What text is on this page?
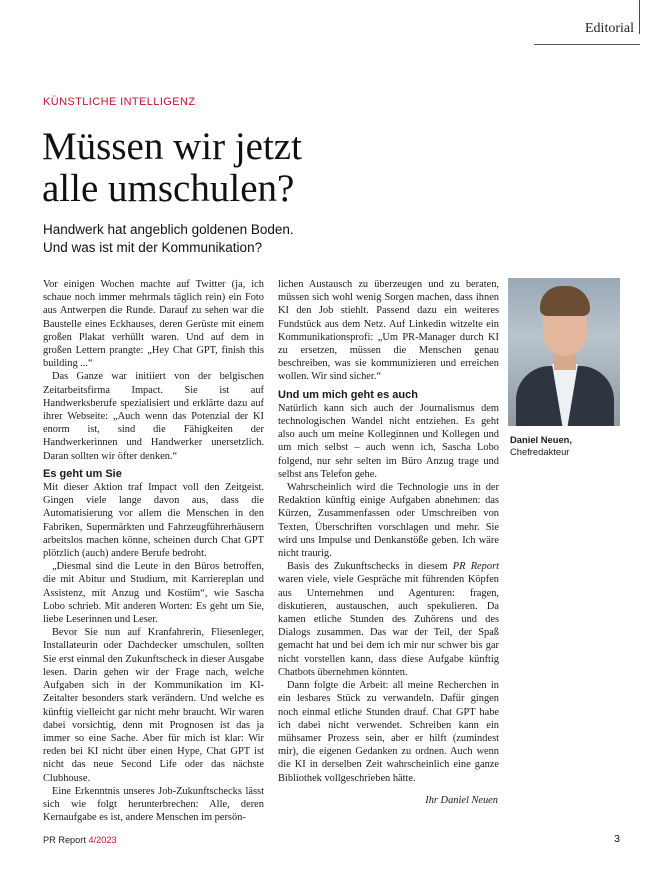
Editorial
KÜNSTLICHE INTELLIGENZ
Müssen wir jetzt
alle umschulen?
Handwerk hat angeblich goldenen Boden.
Und was ist mit der Kommunikation?

Vor einigen Wochen machte auf Twitter (ja, ich schaue noch immer mehrmals täglich rein) ein Foto aus Antwerpen die Runde. Darauf zu sehen war die Baustelle eines Eckhauses, deren Gerüste mit einem großen Plakat verhüllt waren. Und auf dem in großen Lettern prangte: „Hey Chat GPT, finish this building ...“

Das Ganze war initiiert von der belgischen Zeitarbeitsfirma Impact. Sie ist auf Handwerksberufe spezialisiert und erklärte dazu auf ihrer Webseite: „Auch wenn das Potenzial der KI enorm ist, sind die Fähigkeiten der Handwerkerinnen und Handwerker unersetzlich. Daran sollten wir öfter denken.“

Es geht um Sie

Mit dieser Aktion traf Impact voll den Zeitgeist. Gingen viele lange davon aus, dass die Automatisierung vor allem die Menschen in den Fabriken, Supermärkten und Fahrzeugführerhäusern arbeitslos machen könne, scheinen durch Chat GPT plötzlich (auch) andere Berufe bedroht.

„Diesmal sind die Leute in den Büros betroffen, die mit Abitur und Studium, mit Karriereplan und Assistenz, mit Anzug und Kostüm“, wie Sascha Lobo schrieb. Mit anderen Worten: Es geht um Sie, liebe Leserinnen und Leser.

Bevor Sie nun auf Kranfahrerin, Fliesenleger, Installateurin oder Dachdecker umschulen, sollten Sie erst einmal den Zukunftscheck in dieser Ausgabe lesen. Darin gehen wir der Frage nach, welche Aufgaben sich in der Kommunikation im KI-Zeitalter besonders stark verändern. Und welche es künftig vielleicht gar nicht mehr braucht. Wir waren dabei vorsichtig, denn mit Prognosen ist das ja immer so eine Sache. Aber für mich ist klar: Wir reden bei KI nicht über einen Hype, Chat GPT ist nicht das neue Second Life oder das nächste Clubhouse.

Eine Erkenntnis unseres Job-Zukunftschecks lässt sich wie folgt herunterbrechen: Alle, deren Kernaufgabe es ist, andere Menschen im persön-

lichen Austausch zu überzeugen und zu beraten, müssen sich wohl wenig Sorgen machen, dass ihnen KI den Job stiehlt. Passend dazu ein weiteres Fundstück aus dem Netz. Auf Linkedin witzelte ein Kommunikationsprofi: „Um PR-Manager durch KI zu ersetzen, müssen die Menschen genau beschreiben, was sie kommunizieren und erreichen wollen. Wir sind sicher.“

Und um mich geht es auch

Natürlich kann sich auch der Journalismus dem technologischen Wandel nicht entziehen. Es geht also auch um meine Kolleginnen und Kollegen und um mich selbst – auch wenn ich, Sascha Lobo folgend, nur sehr selten im Büro Anzug trage und selbst ans Telefon gehe.

Wahrscheinlich wird die Technologie uns in der Redaktion künftig einige Aufgaben abnehmen: das Kürzen, Zusammenfassen oder Umschreiben von Texten, Überschriften vorschlagen und mehr. Sie wird uns Impulse und Denkanstöße geben. Ich wäre nicht traurig.

Basis des Zukunftschecks in diesem PR Report waren viele, viele Gespräche mit führenden Köpfen aus Unternehmen und Agenturen: fragen, diskutieren, austauschen, auch spekulieren. Da kamen etliche Stunden des Zuhörens und des Dialogs zusammen. Das war der Teil, der Spaß gemacht hat und bei dem ich mir nur schwer bis gar nicht vorstellen kann, dass diese Aufgabe künftig Chatbots übernehmen könnten.

Dann folgte die Arbeit: all meine Recherchen in ein lesbares Stück zu verwandeln. Dafür gingen noch einmal etliche Stunden drauf. Chat GPT habe ich dabei nicht verwendet. Schreiben kann ein mühsamer Prozess sein, aber er hilft (zumindest mir), die eigenen Gedanken zu ordnen. Auch wenn die KI in derselben Zeit wahrscheinlich eine ganze Bibliothek vollgeschrieben hätte.

Ihr Daniel Neuen
Daniel Neuen,
Chefredakteur
PR Report 4/2023	3
